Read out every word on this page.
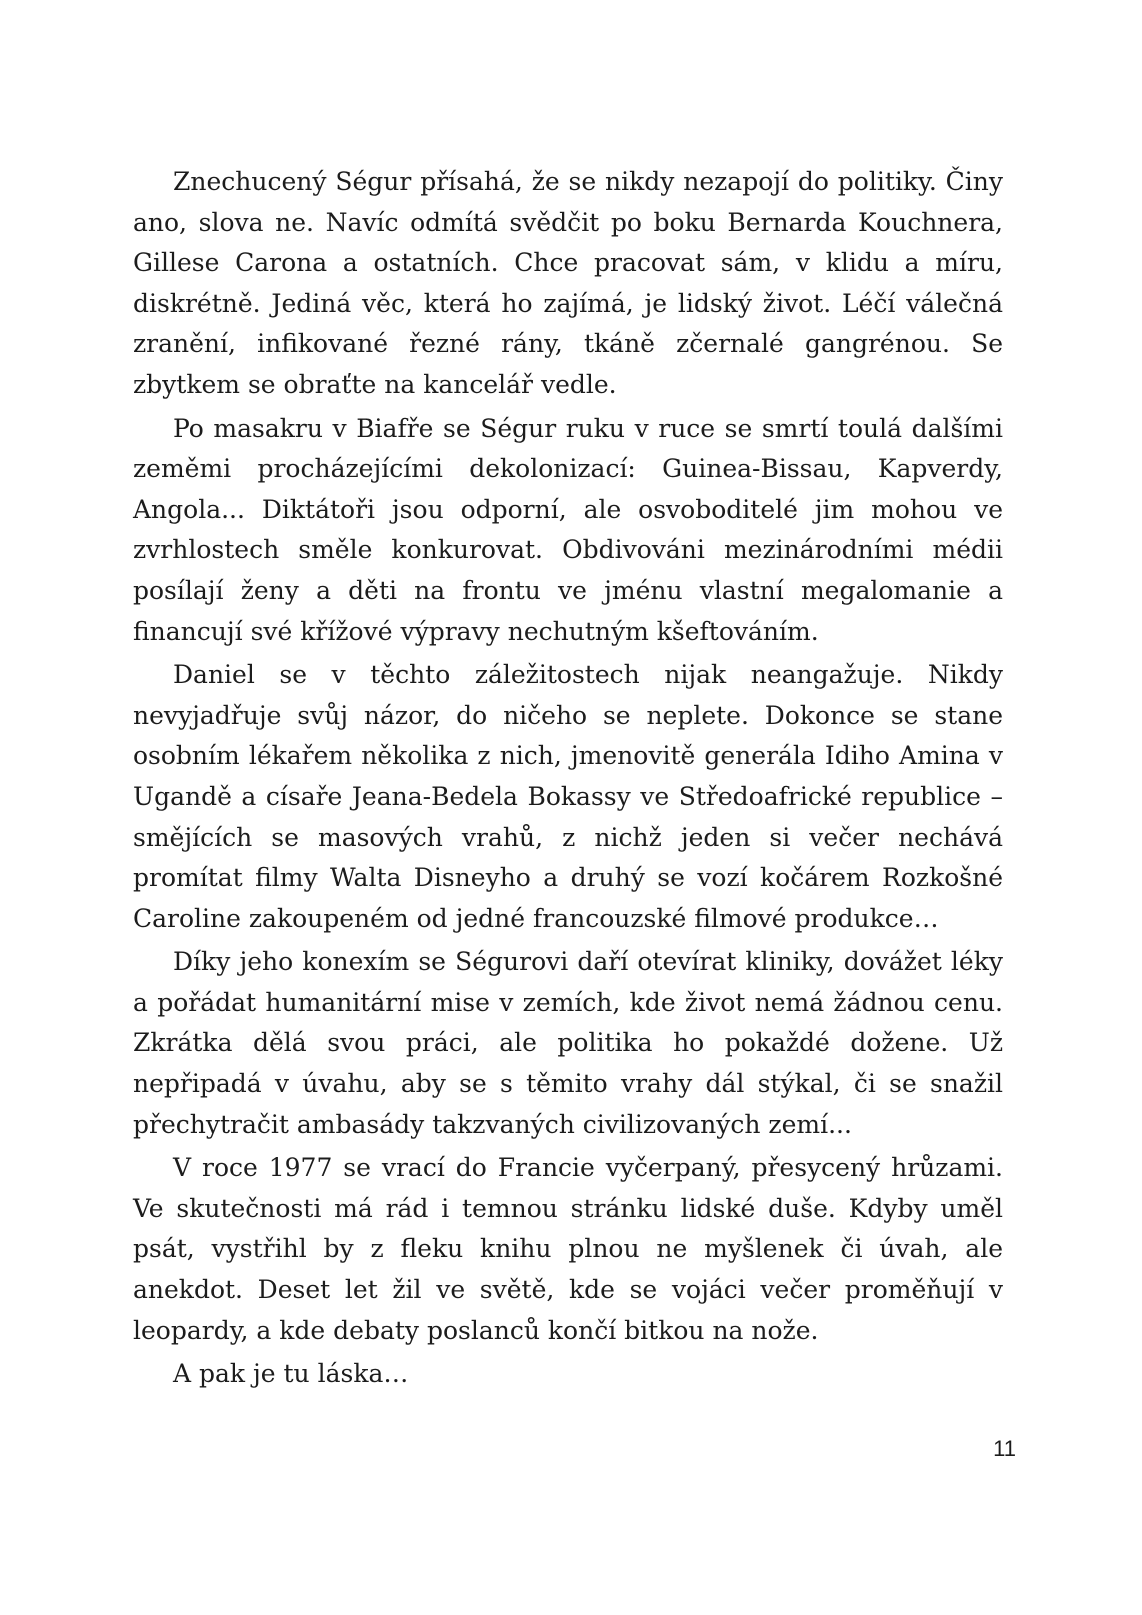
Znechucený Ségur přísahá, že se nikdy nezapojí do politiky. Činy ano, slova ne. Navíc odmítá svědčit po boku Bernarda Kouchnera, Gillese Carona a ostatních. Chce pracovat sám, v klidu a míru, diskrétně. Jediná věc, která ho zajímá, je lidský život. Léčí válečná zranění, infikované řezné rány, tkáně zčernalé gangrénou. Se zbytkem se obraťte na kancelář vedle.

Po masakru v Biafře se Ségur ruku v ruce se smrtí toulá dalšími zeměmi procházejícími dekolonizací: Guinea-Bissau, Kapverdy, Angola... Diktátoři jsou odporní, ale osvoboditelé jim mohou ve zvrhlostech směle konkurovat. Obdivováni mezinárodními médii posílají ženy a děti na frontu ve jménu vlastní megalomanie a financují své křížové výpravy nechutným kšeftováním.

Daniel se v těchto záležitostech nijak neangažuje. Nikdy nevyjadřuje svůj názor, do ničeho se neplete. Dokonce se stane osobním lékařem několika z nich, jmenovitě generála Idiho Amina v Ugandě a císaře Jeana-Bedela Bokassy ve Středoafrické republice – smějících se masových vrahů, z nichž jeden si večer nechává promítat filmy Walta Disneyho a druhý se vozí kočárem Rozkošné Caroline zakoupeném od jedné francouzské filmové produkce…

Díky jeho konexím se Ségurovi daří otevírat kliniky, dovážet léky a pořádat humanitární mise v zemích, kde život nemá žádnou cenu. Zkrátka dělá svou práci, ale politika ho pokaždé dožene. Už nepřipadá v úvahu, aby se s těmito vrahy dál stýkal, či se snažil přechytračit ambasády takzvaných civilizovaných zemí...

V roce 1977 se vrací do Francie vyčerpaný, přesycený hrůzami. Ve skutečnosti má rád i temnou stránku lidské duše. Kdyby uměl psát, vystřihl by z fleku knihu plnou ne myšlenek či úvah, ale anekdot. Deset let žil ve světě, kde se vojáci večer proměňují v leopardy, a kde debaty poslanců končí bitkou na nože.

A pak je tu láska…

11
